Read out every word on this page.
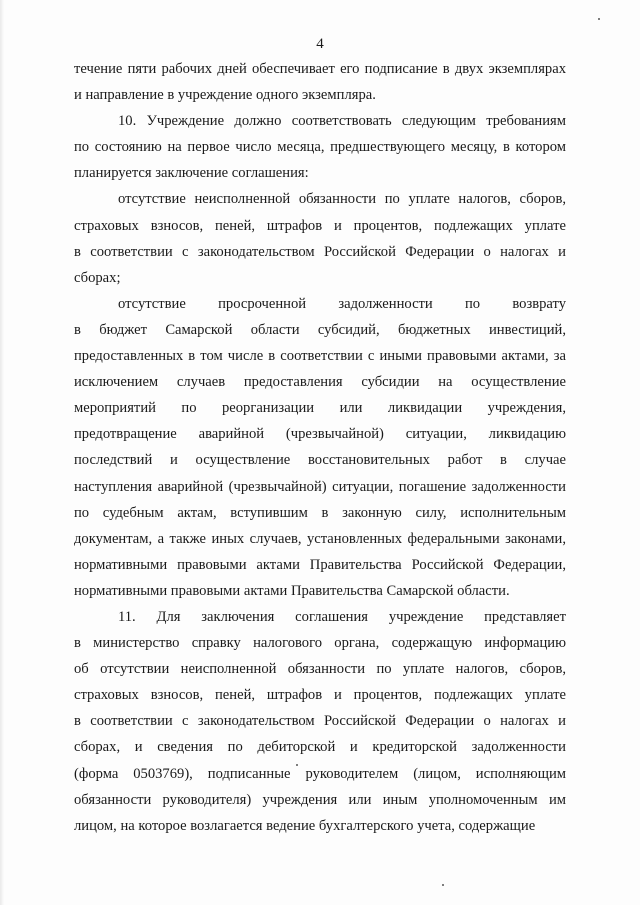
4

течение пяти рабочих дней обеспечивает его подписание в двух экземплярах
и направление в учреждение одного экземпляра.

10. Учреждение должно соответствовать следующим требованиям
по состоянию на первое число месяца, предшествующего месяцу, в котором
планируется заключение соглашения:

отсутствие неисполненной обязанности по уплате налогов, сборов,
страховых взносов, пеней, штрафов и процентов, подлежащих уплате
в соответствии с законодательством Российской Федерации о налогах и
сборах;

отсутствие просроченной задолженности по возврату
в бюджет Самарской области субсидий, бюджетных инвестиций,
предоставленных в том числе в соответствии с иными правовыми актами, за
исключением случаев предоставления субсидии на осуществление
мероприятий по реорганизации или ликвидации учреждения,
предотвращение аварийной (чрезвычайной) ситуации, ликвидацию
последствий и осуществление восстановительных работ в случае
наступления аварийной (чрезвычайной) ситуации, погашение задолженности
по судебным актам, вступившим в законную силу, исполнительным
документам, а также иных случаев, установленных федеральными законами,
нормативными правовыми актами Правительства Российской Федерации,
нормативными правовыми актами Правительства Самарской области.

11. Для заключения соглашения учреждение представляет
в министерство справку налогового органа, содержащую информацию
об отсутствии неисполненной обязанности по уплате налогов, сборов,
страховых взносов, пеней, штрафов и процентов, подлежащих уплате
в соответствии с законодательством Российской Федерации о налогах и
сборах, и сведения по дебиторской и кредиторской задолженности
(форма 0503769), подписанные руководителем (лицом, исполняющим
обязанности руководителя) учреждения или иным уполномоченным им
лицом, на которое возлагается ведение бухгалтерского учета, содержащие
